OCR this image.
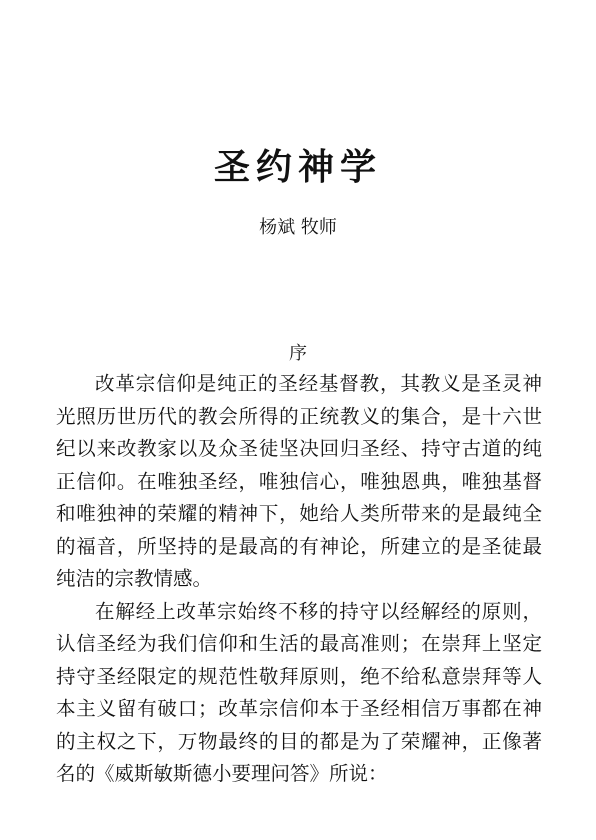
圣约神学
杨斌 牧师
序

改革宗信仰是纯正的圣经基督教，其教义是圣灵神光照历世历代的教会所得的正统教义的集合，是十六世纪以来改教家以及众圣徒坚决回归圣经、持守古道的纯正信仰。在唯独圣经，唯独信心，唯独恩典，唯独基督和唯独神的荣耀的精神下，她给人类所带来的是最纯全的福音，所坚持的是最高的有神论，所建立的是圣徒最纯洁的宗教情感。

在解经上改革宗始终不移的持守以经解经的原则，认信圣经为我们信仰和生活的最高准则；在崇拜上坚定持守圣经限定的规范性敬拜原则，绝不给私意崇拜等人本主义留有破口；改革宗信仰本于圣经相信万事都在神的主权之下，万物最终的目的都是为了荣耀神，正像著名的《威斯敏斯德小要理问答》所说：
